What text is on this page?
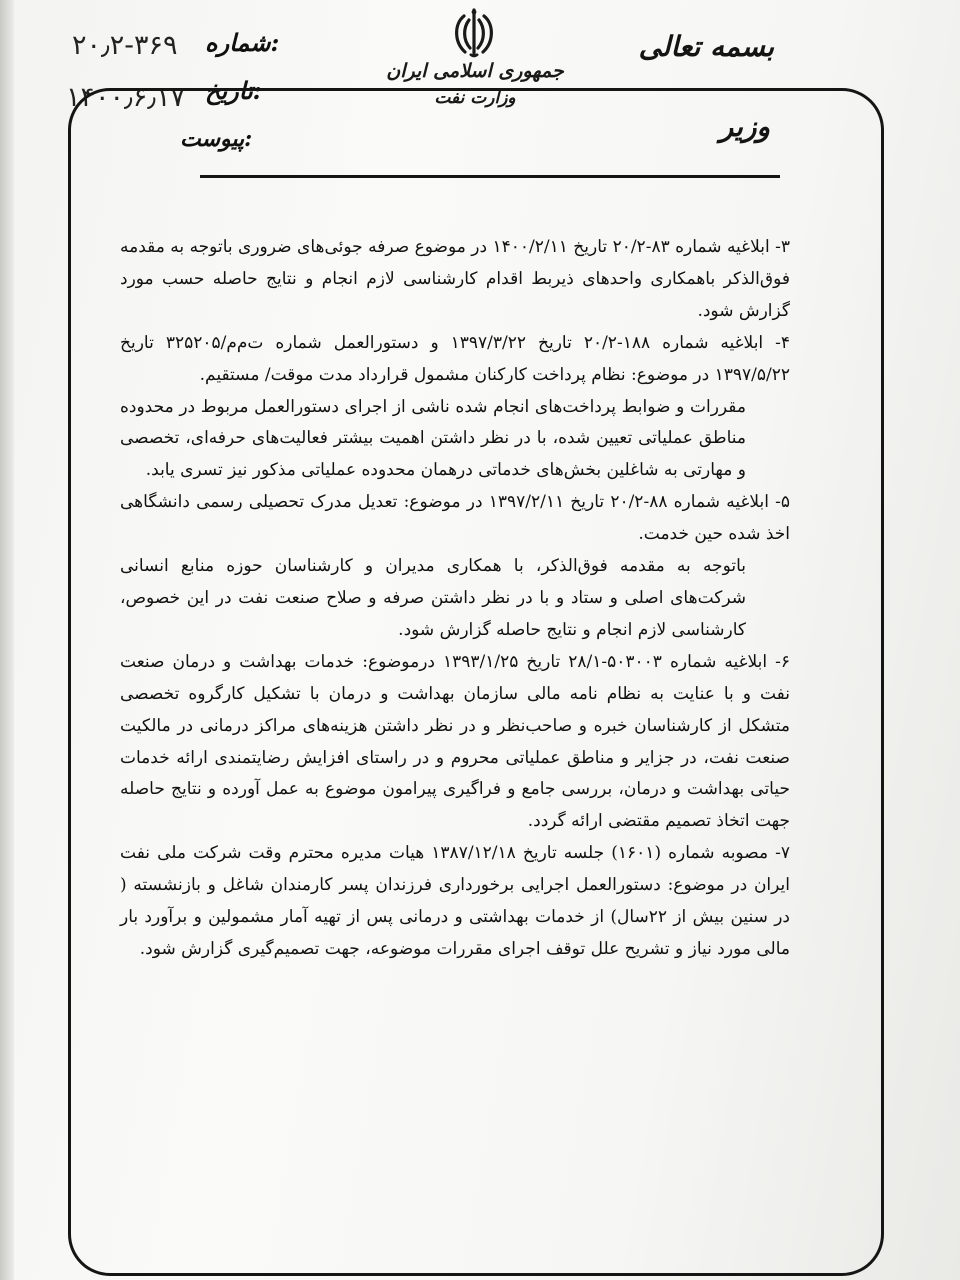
بسمه تعالی
جمهوری اسلامی ایران
وزارت نفت
شماره:
۲۰٫۲-۳۶۹
تاریخ:
۱۴۰۰٫۶٫۱۷
پیوست:	وزیر

۳- ابلاغیه شماره ۸۳-۲۰/۲ تاریخ ۱۴۰۰/۲/۱۱ در موضوع صرفه جوئی‌های ضروری باتوجه به مقدمه فوق‌الذکر باهمکاری واحدهای ذیربط اقدام کارشناسی لازم انجام و نتایج حاصله حسب مورد گزارش شود.

۴- ابلاغیه شماره ۱۸۸-۲۰/۲ تاریخ ۱۳۹۷/۳/۲۲ و دستورالعمل شماره ت‌م‌م/۳۲۵۲۰۵ تاریخ ۱۳۹۷/۵/۲۲ در موضوع: نظام پرداخت کارکنان مشمول قرارداد مدت موقت/ مستقیم.

مقررات و ضوابط پرداخت‌های انجام شده ناشی از اجرای دستورالعمل مربوط در محدوده مناطق عملیاتی تعیین شده، با در نظر داشتن اهمیت بیشتر فعالیت‌های حرفه‌ای، تخصصی و مهارتی به شاغلین بخش‌های خدماتی درهمان محدوده عملیاتی مذکور نیز تسری یابد.

۵- ابلاغیه شماره ۸۸-۲۰/۲ تاریخ ۱۳۹۷/۲/۱۱ در موضوع: تعدیل مدرک تحصیلی رسمی دانشگاهی اخذ شده حین خدمت.

باتوجه به مقدمه فوق‌الذکر، با همکاری مدیران و کارشناسان حوزه منابع انسانی شرکت‌های اصلی و ستاد و با در نظر داشتن صرفه و صلاح صنعت نفت در این خصوص، کارشناسی لازم انجام و نتایج حاصله گزارش شود.

۶- ابلاغیه شماره ۵۰۳۰۰۳-۲۸/۱ تاریخ ۱۳۹۳/۱/۲۵ درموضوع: خدمات بهداشت و درمان صنعت نفت و با عنایت به نظام نامه مالی سازمان بهداشت و درمان با تشکیل کارگروه تخصصی متشکل از کارشناسان خبره و صاحب‌نظر و در نظر داشتن هزینه‌های مراکز درمانی در مالکیت صنعت نفت، در جزایر و مناطق عملیاتی محروم و در راستای افزایش رضایتمندی ارائه خدمات حیاتی بهداشت و درمان، بررسی جامع و فراگیری پیرامون موضوع به عمل آورده و نتایج حاصله جهت اتخاذ تصمیم مقتضی ارائه گردد.

۷- مصوبه شماره (۱۶۰۱) جلسه تاریخ ۱۳۸۷/۱۲/۱۸ هیات مدیره محترم وقت شرکت ملی نفت ایران در موضوع: دستورالعمل اجرایی برخورداری فرزندان پسر کارمندان شاغل و بازنشسته ( در سنین بیش از ۲۲سال) از خدمات بهداشتی و درمانی پس از تهیه آمار مشمولین و برآورد بار مالی مورد نیاز و تشریح علل توقف اجرای مقررات موضوعه، جهت تصمیم‌گیری گزارش شود.
